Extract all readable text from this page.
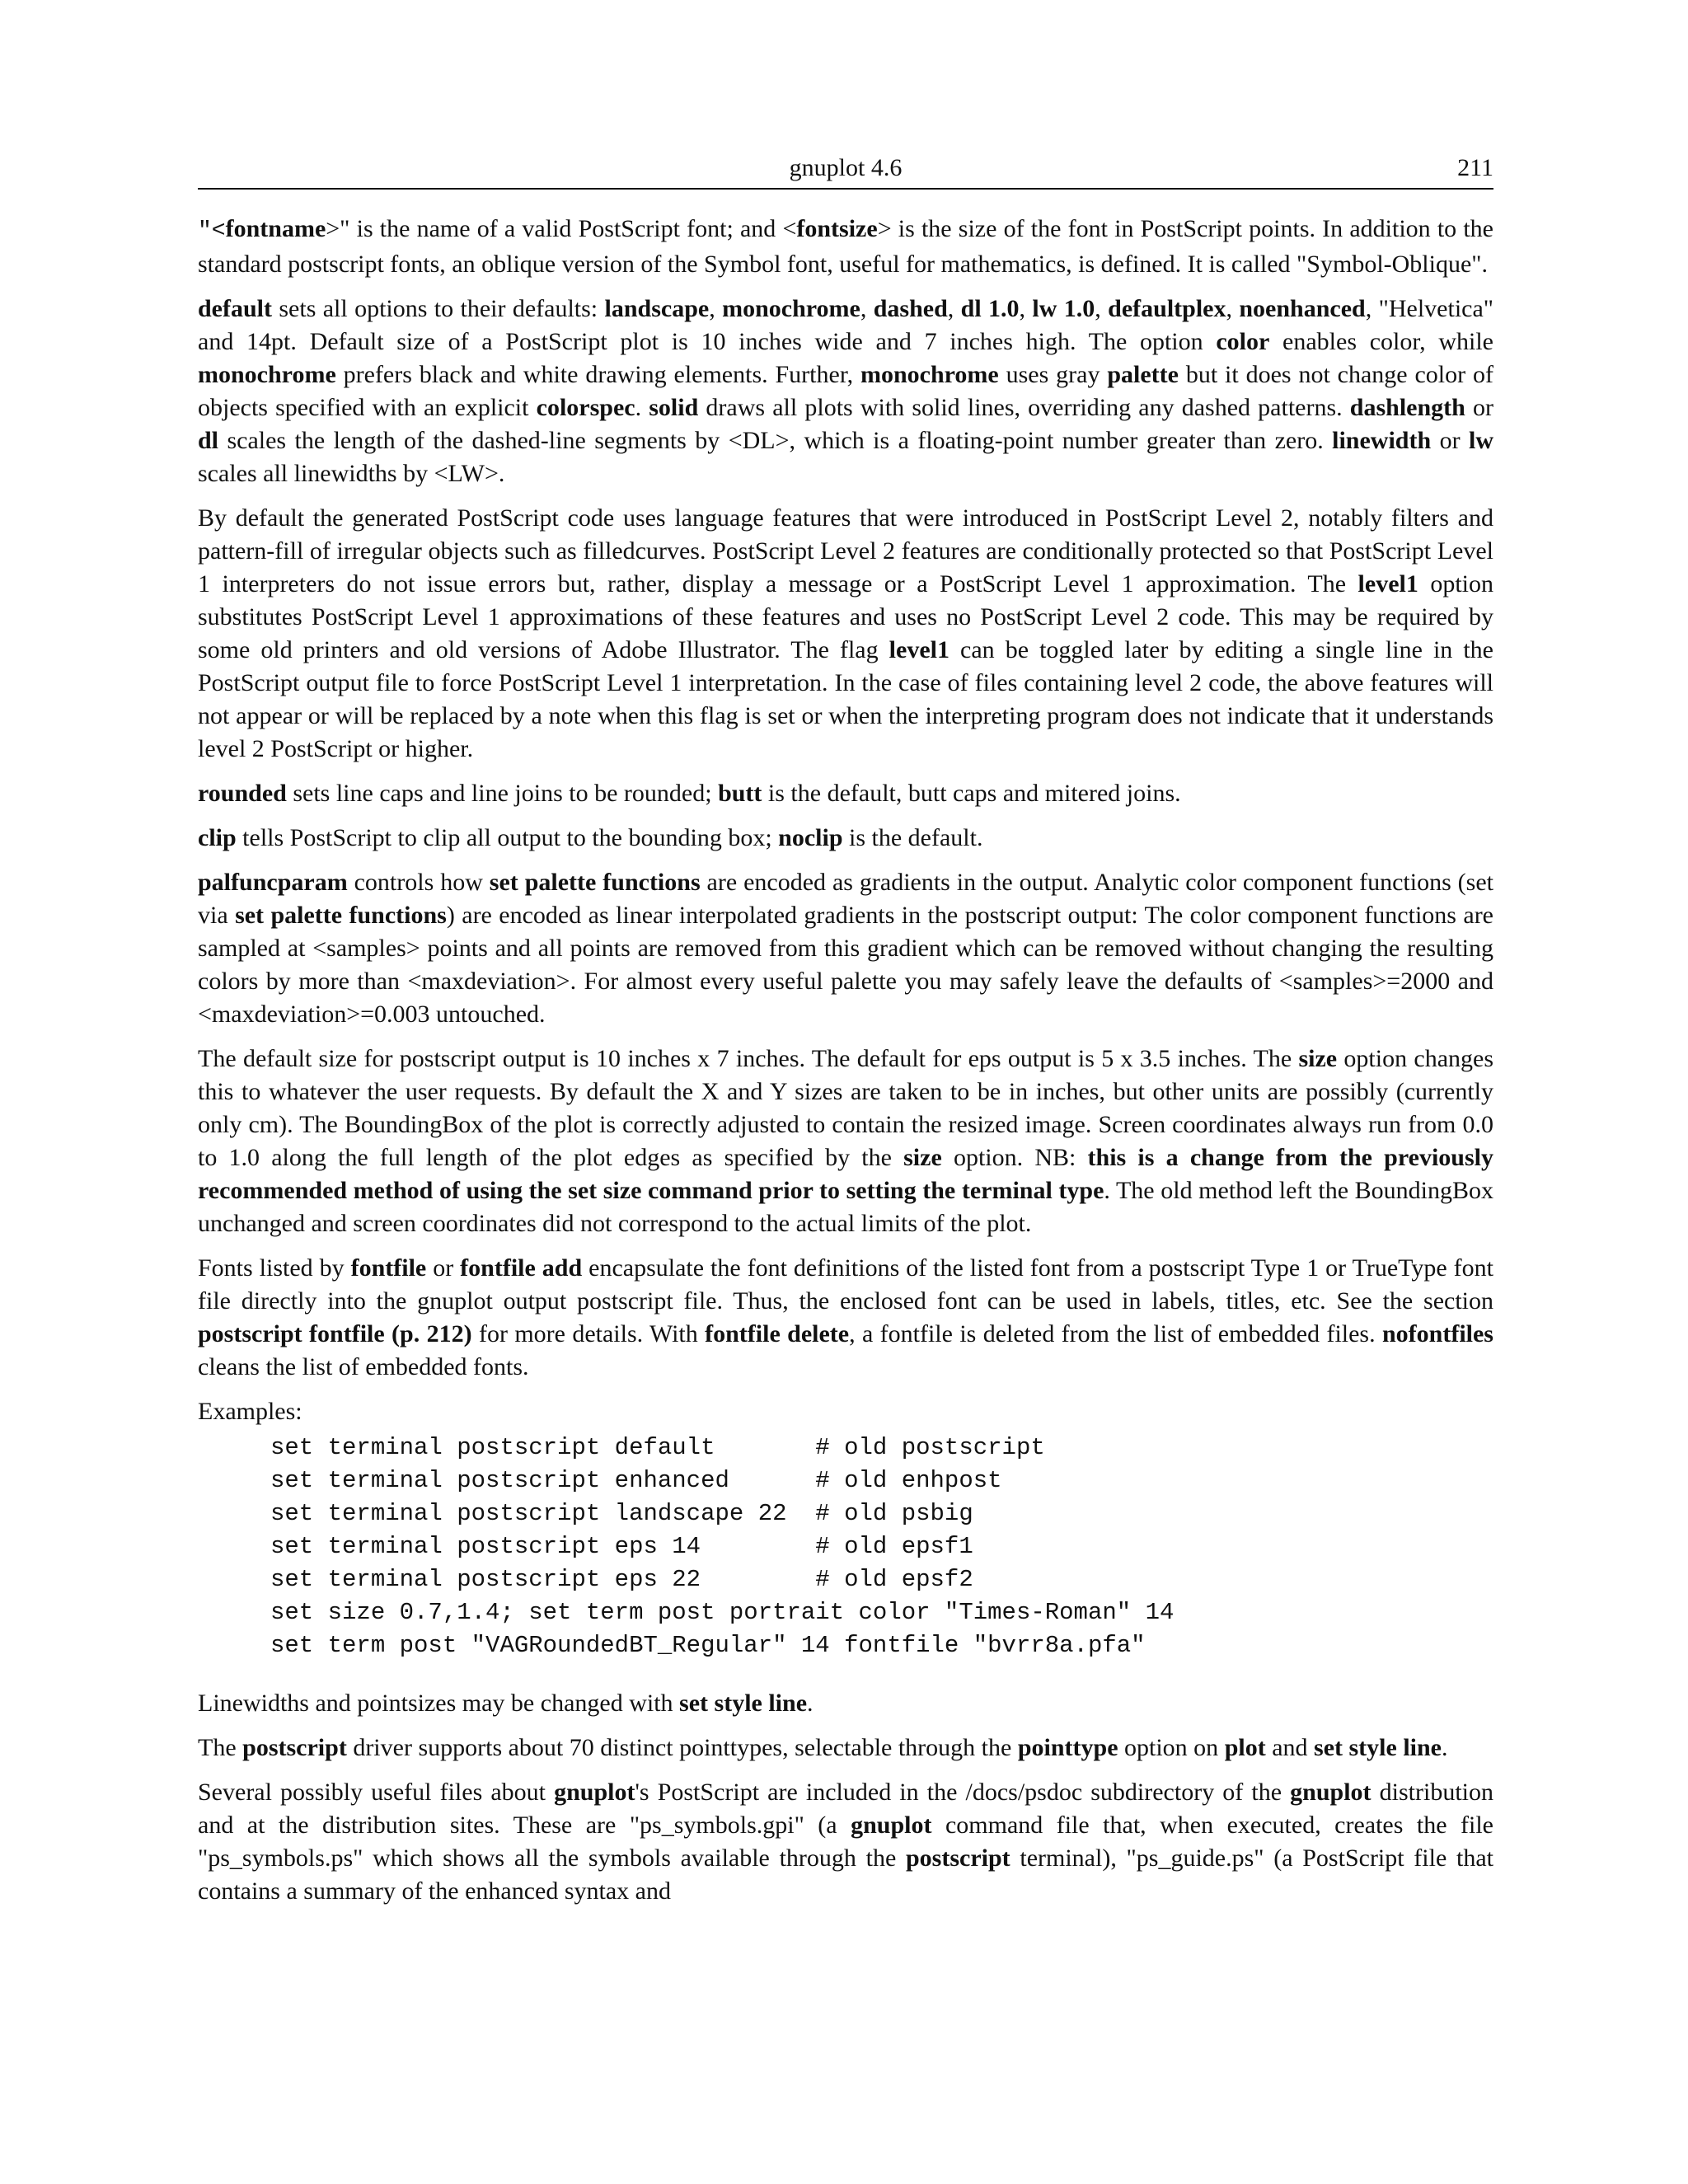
gnuplot 4.6	211

"<fontname>" is the name of a valid PostScript font; and <fontsize> is the size of the font in PostScript points. In addition to the standard postscript fonts, an oblique version of the Symbol font, useful for mathematics, is defined. It is called "Symbol-Oblique".

default sets all options to their defaults: landscape, monochrome, dashed, dl 1.0, lw 1.0, defaultplex, noenhanced, "Helvetica" and 14pt. Default size of a PostScript plot is 10 inches wide and 7 inches high. The option color enables color, while monochrome prefers black and white drawing elements. Further, monochrome uses gray palette but it does not change color of objects specified with an explicit colorspec. solid draws all plots with solid lines, overriding any dashed patterns. dashlength or dl scales the length of the dashed-line segments by <DL>, which is a floating-point number greater than zero. linewidth or lw scales all linewidths by <LW>.

By default the generated PostScript code uses language features that were introduced in PostScript Level 2, notably filters and pattern-fill of irregular objects such as filledcurves. PostScript Level 2 features are conditionally protected so that PostScript Level 1 interpreters do not issue errors but, rather, display a message or a PostScript Level 1 approximation. The level1 option substitutes PostScript Level 1 approximations of these features and uses no PostScript Level 2 code. This may be required by some old printers and old versions of Adobe Illustrator. The flag level1 can be toggled later by editing a single line in the PostScript output file to force PostScript Level 1 interpretation. In the case of files containing level 2 code, the above features will not appear or will be replaced by a note when this flag is set or when the interpreting program does not indicate that it understands level 2 PostScript or higher.

rounded sets line caps and line joins to be rounded; butt is the default, butt caps and mitered joins.

clip tells PostScript to clip all output to the bounding box; noclip is the default.

palfuncparam controls how set palette functions are encoded as gradients in the output. Analytic color component functions (set via set palette functions) are encoded as linear interpolated gradients in the postscript output: The color component functions are sampled at <samples> points and all points are removed from this gradient which can be removed without changing the resulting colors by more than <maxdeviation>. For almost every useful palette you may safely leave the defaults of <samples>=2000 and <maxdeviation>=0.003 untouched.

The default size for postscript output is 10 inches x 7 inches. The default for eps output is 5 x 3.5 inches. The size option changes this to whatever the user requests. By default the X and Y sizes are taken to be in inches, but other units are possibly (currently only cm). The BoundingBox of the plot is correctly adjusted to contain the resized image. Screen coordinates always run from 0.0 to 1.0 along the full length of the plot edges as specified by the size option. NB: this is a change from the previously recommended method of using the set size command prior to setting the terminal type. The old method left the BoundingBox unchanged and screen coordinates did not correspond to the actual limits of the plot.

Fonts listed by fontfile or fontfile add encapsulate the font definitions of the listed font from a postscript Type 1 or TrueType font file directly into the gnuplot output postscript file. Thus, the enclosed font can be used in labels, titles, etc. See the section postscript fontfile (p. 212) for more details. With fontfile delete, a fontfile is deleted from the list of embedded files. nofontfiles cleans the list of embedded fonts.

Examples:

set terminal postscript default       # old postscript
set terminal postscript enhanced      # old enhpost
set terminal postscript landscape 22  # old psbig
set terminal postscript eps 14        # old epsf1
set terminal postscript eps 22        # old epsf2
set size 0.7,1.4; set term post portrait color "Times-Roman" 14
set term post "VAGRoundedBT_Regular" 14 fontfile "bvrr8a.pfa"

Linewidths and pointsizes may be changed with set style line.

The postscript driver supports about 70 distinct pointtypes, selectable through the pointtype option on plot and set style line.

Several possibly useful files about gnuplot's PostScript are included in the /docs/psdoc subdirectory of the gnuplot distribution and at the distribution sites. These are "ps_symbols.gpi" (a gnuplot command file that, when executed, creates the file "ps_symbols.ps" which shows all the symbols available through the postscript terminal), "ps_guide.ps" (a PostScript file that contains a summary of the enhanced syntax and
